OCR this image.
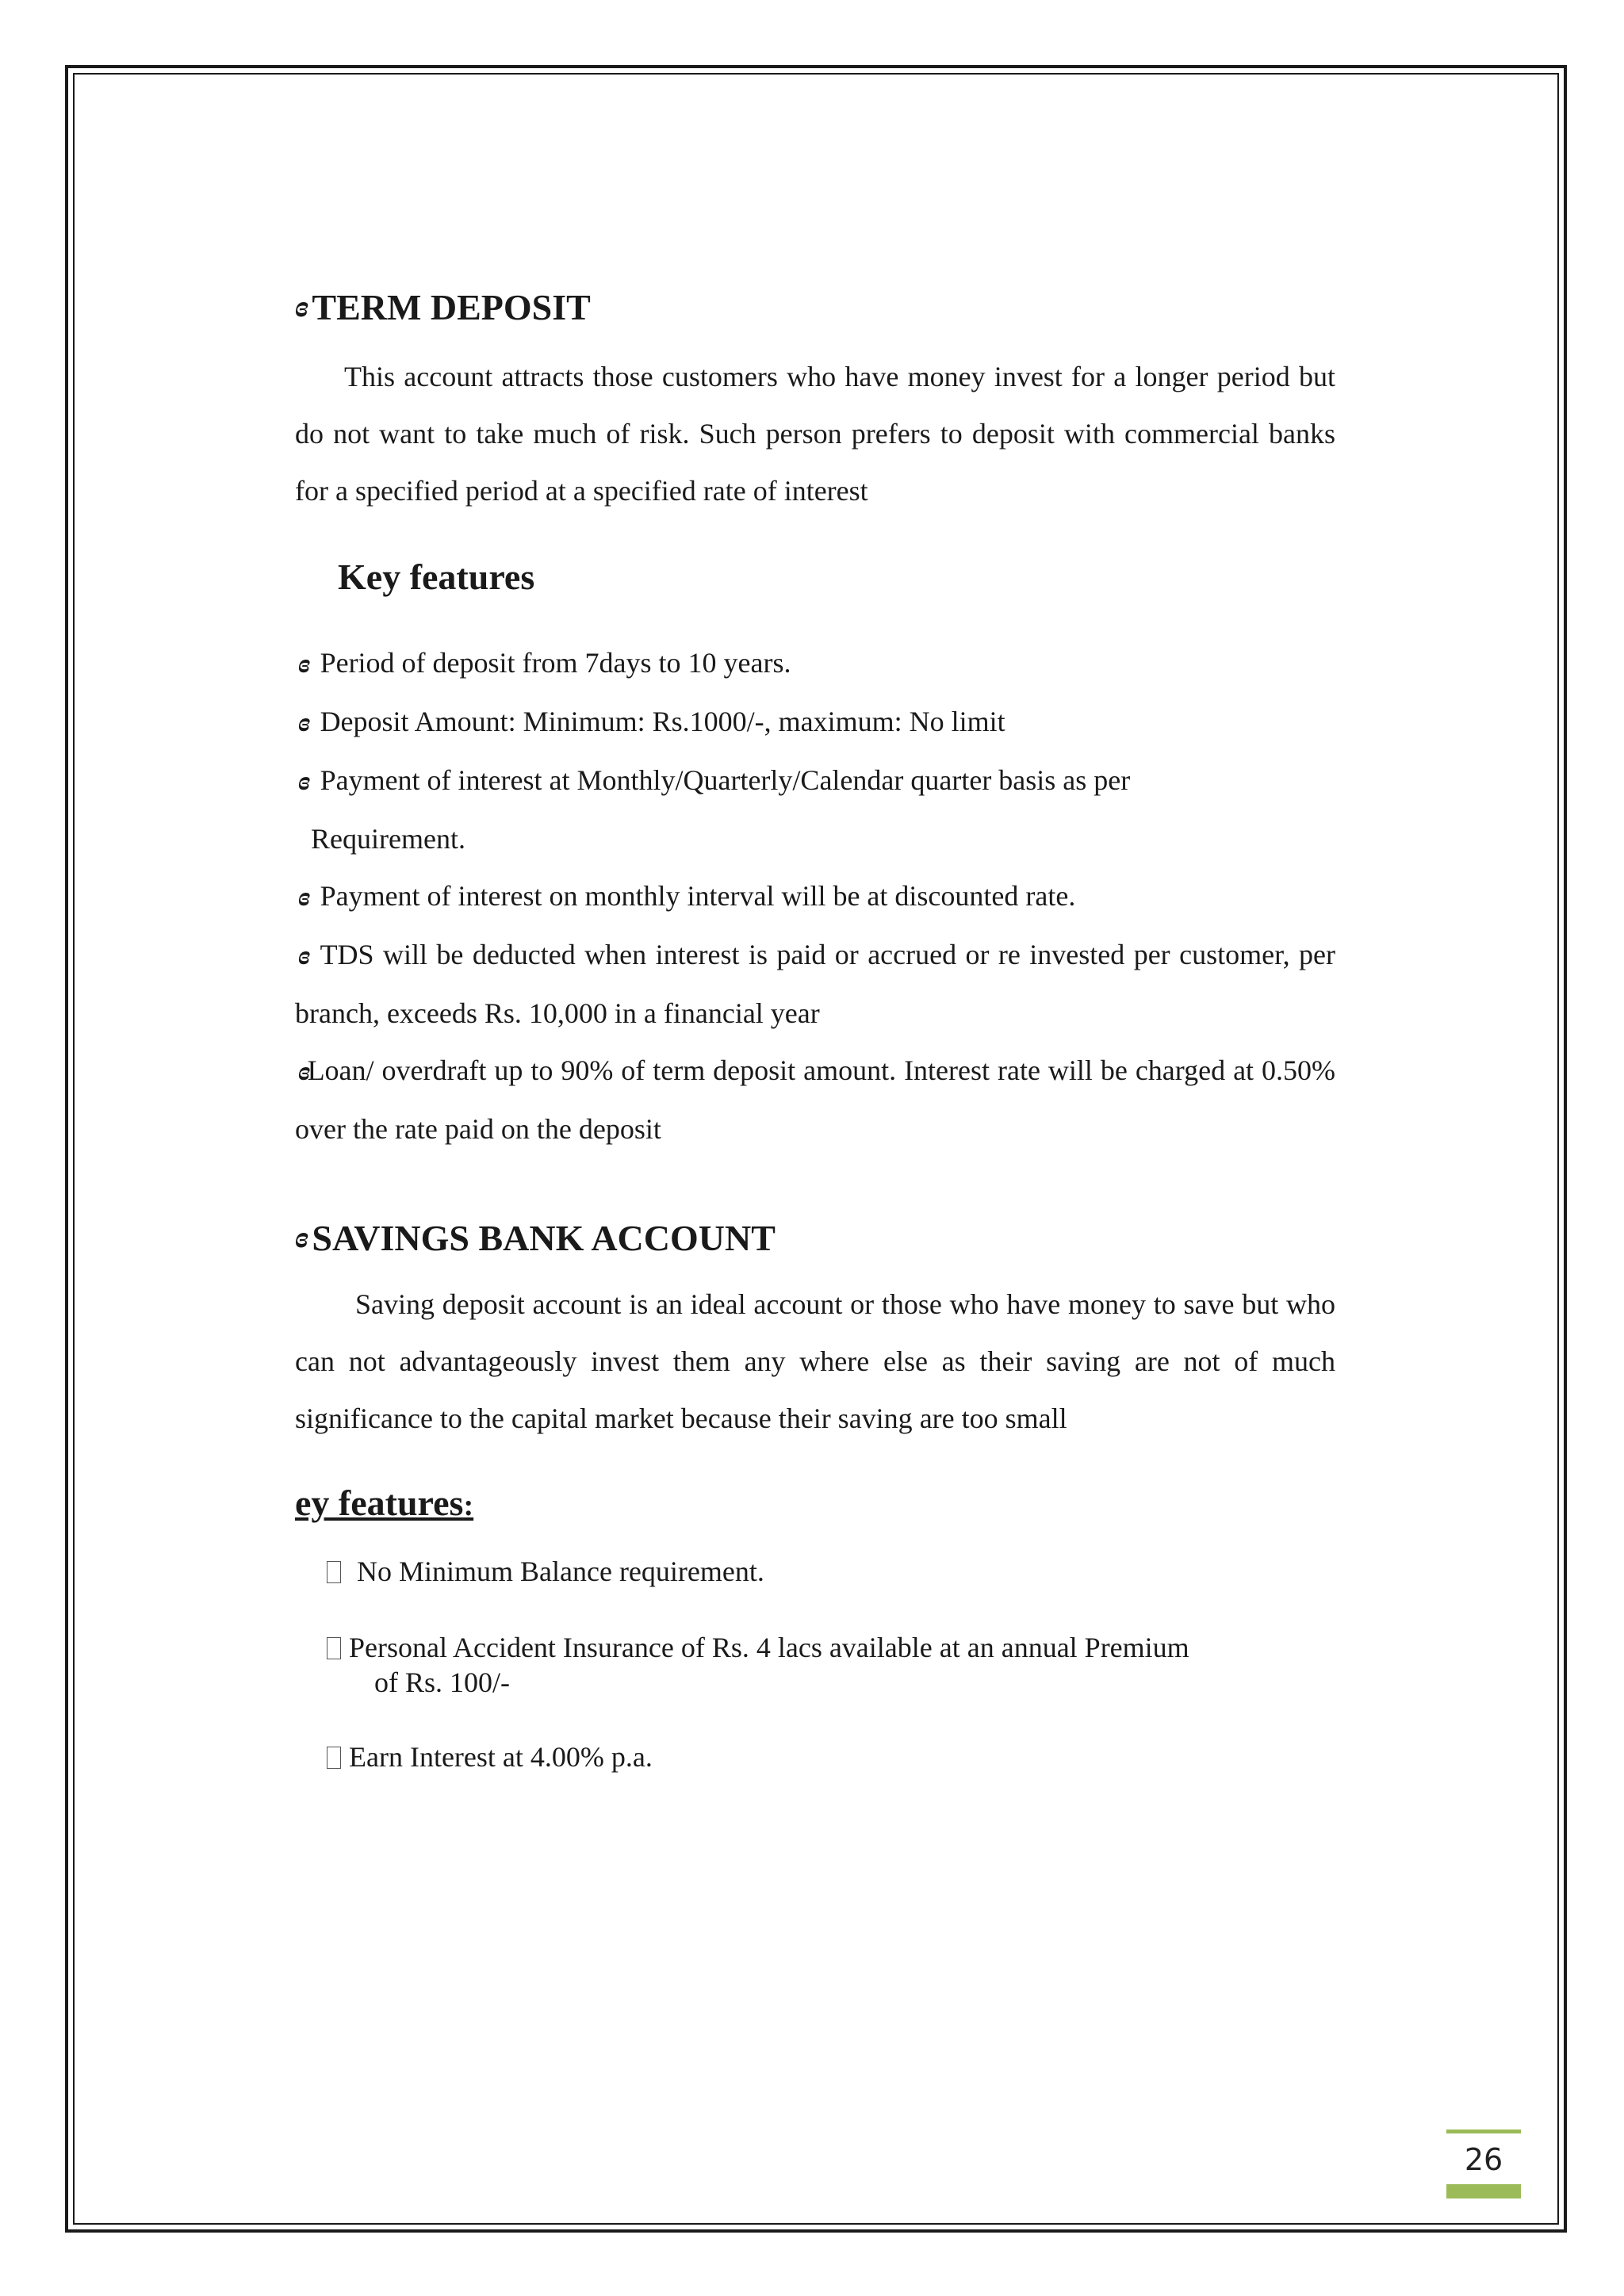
ɞ TERM DEPOSIT

This account attracts those customers who have money invest for a longer period but do not want to take much of risk. Such person prefers to deposit with commercial banks for a specified period at a specified rate of interest

Key features

ɞ Period of deposit from 7days to 10 years.

ɞ Deposit Amount: Minimum: Rs.1000/-, maximum: No limit

ɞ Payment of interest at Monthly/Quarterly/Calendar quarter basis as per

Requirement.

ɞ Payment of interest on monthly interval will be at discounted rate.

ɞ TDS will be deducted when interest is paid or accrued or re invested per customer, per branch, exceeds Rs. 10,000 in a financial year

ɞLoan/ overdraft up to 90% of term deposit amount. Interest rate will be charged at 0.50% over the rate paid on the deposit

ɞ SAVINGS BANK ACCOUNT

Saving deposit account is an ideal account or those who have money to save but who can not advantageously invest them any where else as their saving are not of much significance to the capital market because their saving are too small

ey features:

No Minimum Balance requirement.

Personal Accident Insurance of Rs. 4 lacs available at an annual Premium

of Rs. 100/-

Earn Interest at 4.00% p.a.

26
